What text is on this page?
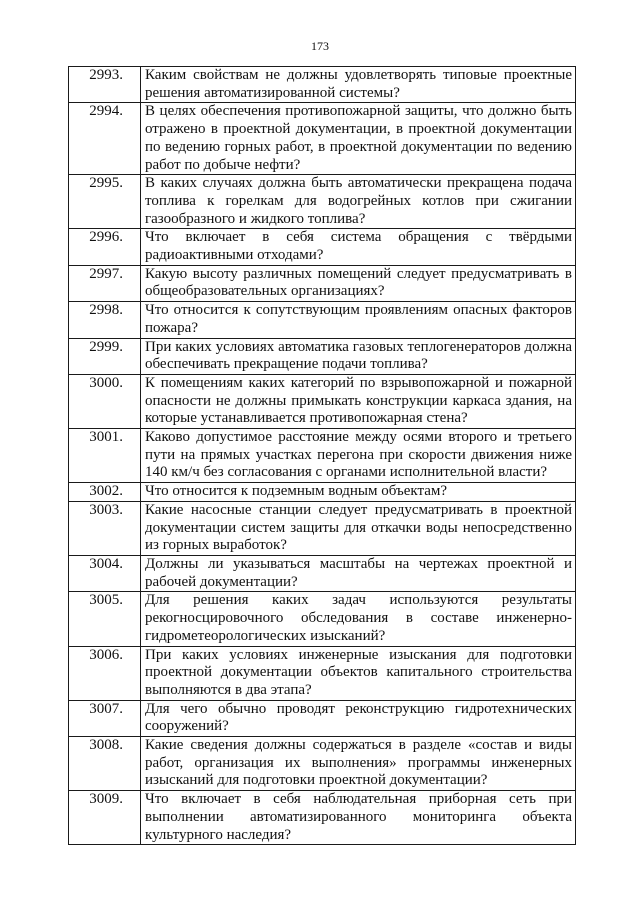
173
2993.	Каким свойствам не должны удовлетворять типовые проектные решения автоматизированной системы?
2994.	В целях обеспечения противопожарной защиты, что должно быть отражено в проектной документации, в проектной документации по ведению горных работ, в проектной документации по ведению работ по добыче нефти?
2995.	В каких случаях должна быть автоматически прекращена подача топлива к горелкам для водогрейных котлов при сжигании газообразного и жидкого топлива?
2996.	Что включает в себя система обращения с твёрдыми радиоактивными отходами?
2997.	Какую высоту различных помещений следует предусматривать в общеобразовательных организациях?
2998.	Что относится к сопутствующим проявлениям опасных факторов пожара?
2999.	При каких условиях автоматика газовых теплогенераторов должна обеспечивать прекращение подачи топлива?
3000.	К помещениям каких категорий по взрывопожарной и пожарной опасности не должны примыкать конструкции каркаса здания, на которые устанавливается противопожарная стена?
3001.	Каково допустимое расстояние между осями второго и третьего пути на прямых участках перегона при скорости движения ниже 140 км/ч без согласования с органами исполнительной власти?
3002.	Что относится к подземным водным объектам?
3003.	Какие насосные станции следует предусматривать в проектной документации систем защиты для откачки воды непосредственно из горных выработок?
3004.	Должны ли указываться масштабы на чертежах проектной и рабочей документации?
3005.	Для решения каких задач используются результаты рекогносцировочного обследования в составе инженерно-гидрометеорологических изысканий?
3006.	При каких условиях инженерные изыскания для подготовки проектной документации объектов капитального строительства выполняются в два этапа?
3007.	Для чего обычно проводят реконструкцию гидротехнических сооружений?
3008.	Какие сведения должны содержаться в разделе «состав и виды работ, организация их выполнения» программы инженерных изысканий для подготовки проектной документации?
3009.	Что включает в себя наблюдательная приборная сеть при выполнении автоматизированного мониторинга объекта культурного наследия?
